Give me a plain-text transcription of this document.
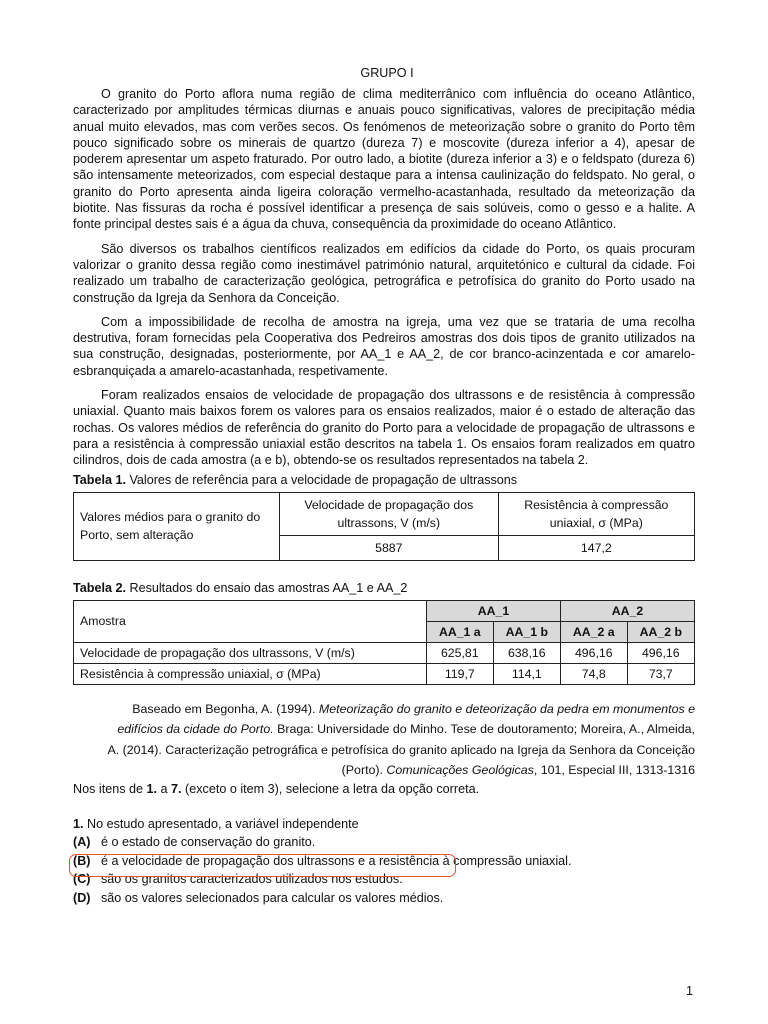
GRUPO I

O granito do Porto aflora numa região de clima mediterrânico com influência do oceano Atlântico, caracterizado por amplitudes térmicas diurnas e anuais pouco significativas, valores de precipitação média anual muito elevados, mas com verões secos. Os fenómenos de meteorização sobre o granito do Porto têm pouco significado sobre os minerais de quartzo (dureza 7) e moscovite (dureza inferior a 4), apesar de poderem apresentar um aspeto fraturado. Por outro lado, a biotite (dureza inferior a 3) e o feldspato (dureza 6) são intensamente meteorizados, com especial destaque para a intensa caulinização do feldspato. No geral, o granito do Porto apresenta ainda ligeira coloração vermelho-acastanhada, resultado da meteorização da biotite. Nas fissuras da rocha é possível identificar a presença de sais solúveis, como o gesso e a halite. A fonte principal destes sais é a água da chuva, consequência da proximidade do oceano Atlântico.

São diversos os trabalhos científicos realizados em edifícios da cidade do Porto, os quais procuram valorizar o granito dessa região como inestimável património natural, arquitetónico e cultural da cidade. Foi realizado um trabalho de caracterização geológica, petrográfica e petrofísica do granito do Porto usado na construção da Igreja da Senhora da Conceição.

Com a impossibilidade de recolha de amostra na igreja, uma vez que se trataria de uma recolha destrutiva, foram fornecidas pela Cooperativa dos Pedreiros amostras dos dois tipos de granito utilizados na sua construção, designadas, posteriormente, por AA_1 e AA_2, de cor branco-acinzentada e cor amarelo-esbranquiçada a amarelo-acastanhada, respetivamente.

Foram realizados ensaios de velocidade de propagação dos ultrassons e de resistência à compressão uniaxial. Quanto mais baixos forem os valores para os ensaios realizados, maior é o estado de alteração das rochas. Os valores médios de referência do granito do Porto para a velocidade de propagação de ultrassons e para a resistência à compressão uniaxial estão descritos na tabela 1. Os ensaios foram realizados em quatro cilindros, dois de cada amostra (a e b), obtendo-se os resultados representados na tabela 2.

Tabela 1. Valores de referência para a velocidade de propagação de ultrassons
Valores médios para o granito do Porto, sem alteração	Velocidade de propagação dos ultrassons, V (m/s)	Resistência à compressão uniaxial, σ (MPa)
	5887	147,2
Tabela 2. Resultados do ensaio das amostras AA_1 e AA_2
Amostra	AA_1		AA_2	
	AA_1 a	AA_1 b	AA_2 a	AA_2 b
Velocidade de propagação dos ultrassons, V (m/s)	625,81	638,16	496,16	496,16
Resistência à compressão uniaxial, σ (MPa)	119,7	114,1	74,8	73,7
Baseado em Begonha, A. (1994). Meteorização do granito e deteorização da pedra em monumentos e
edifícios da cidade do Porto. Braga: Universidade do Minho. Tese de doutoramento; Moreira, A., Almeida,
A. (2014). Caracterização petrográfica e petrofísica do granito aplicado na Igreja da Senhora da Conceição
(Porto). Comunicações Geológicas, 101, Especial III, 1313-1316
Nos itens de 1. a 7. (exceto o item 3), selecione a letra da opção correta.
1. No estudo apresentado, a variável independente
(A) é o estado de conservação do granito.
(B) é a velocidade de propagação dos ultrassons e a resistência à compressão uniaxial.
(C) são os granitos caracterizados utilizados nos estudos.
(D) são os valores selecionados para calcular os valores médios.
1
